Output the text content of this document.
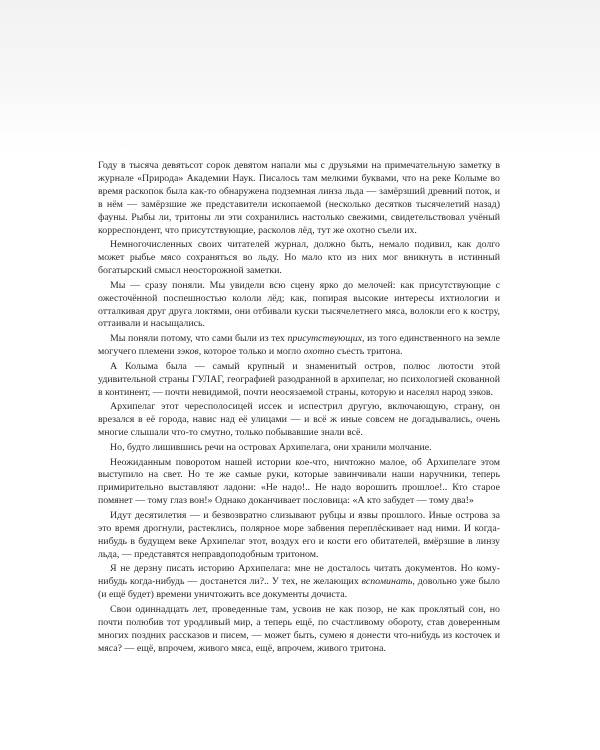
Году в тысяча девятьсот сорок девятом напали мы с друзьями на примечательную заметку в журнале «Природа» Академии Наук. Писалось там мелкими буквами, что на реке Колыме во время раскопок была как-то обнаружена подземная линза льда — замёрзший древний поток, и в нём — замёрзшие же представители ископаемой (несколько десятков тысячелетий назад) фауны. Рыбы ли, тритоны ли эти сохранились настолько свежими, свидетельствовал учёный корреспондент, что присутствующие, расколов лёд, тут же охотно съели их.

Немногочисленных своих читателей журнал, должно быть, немало подивил, как долго может рыбье мясо сохраняться во льду. Но мало кто из них мог вникнуть в истинный богатырский смысл неосторожной заметки.

Мы — сразу поняли. Мы увидели всю сцену ярко до мелочей: как присутствующие с ожесточённой поспешностью кололи лёд; как, попирая высокие интересы ихтиологии и отталкивая друг друга локтями, они отбивали куски тысячелетнего мяса, волокли его к костру, оттаивали и насыщались.

Мы поняли потому, что сами были из тех присутствующих, из того единственного на земле могучего племени зэков, которое только и могло охотно съесть тритона.

А Колыма была — самый крупный и знаменитый остров, полюс лютости этой удивительной страны ГУЛАГ, географией разодранной в архипелаг, но психологией скованной в континент, — почти невидимой, почти неосязаемой страны, которую и населял народ зэков.

Архипелаг этот чересполосицей иссек и испестрил другую, включающую, страну, он врезался в её города, навис над её улицами — и всё ж иные совсем не догадывались, очень многие слышали что-то смутно, только побывавшие знали всё.

Но, будто лишившись речи на островах Архипелага, они хранили молчание.

Неожиданным поворотом нашей истории кое-что, ничтожно малое, об Архипелаге этом выступило на свет. Но те же самые руки, которые завинчивали наши наручники, теперь примирительно выставляют ладони: «Не надо!.. Не надо ворошить прошлое!.. Кто старое помянет — тому глаз вон!» Однако доканчивает пословица: «А кто забудет — тому два!»

Идут десятилетия — и безвозвратно слизывают рубцы и язвы прошлого. Иные острова за это время дрогнули, растеклись, полярное море забвения переплёскивает над ними. И когда-нибудь в будущем веке Архипелаг этот, воздух его и кости его обитателей, вмёрзшие в линзу льда, — представятся неправдоподобным тритоном.

Я не дерзну писать историю Архипелага: мне не досталось читать документов. Но кому-нибудь когда-нибудь — достанется ли?.. У тех, не желающих вспоминать, довольно уже было (и ещё будет) времени уничтожить все документы дочиста.

Свои одиннадцать лет, проведенные там, усвоив не как позор, не как проклятый сон, но почти полюбив тот уродливый мир, а теперь ещё, по счастливому обороту, став доверенным многих поздних рассказов и писем, — может быть, сумею я донести что-нибудь из косточек и мяса? — ещё, впрочем, живого мяса, ещё, впрочем, живого тритона.
